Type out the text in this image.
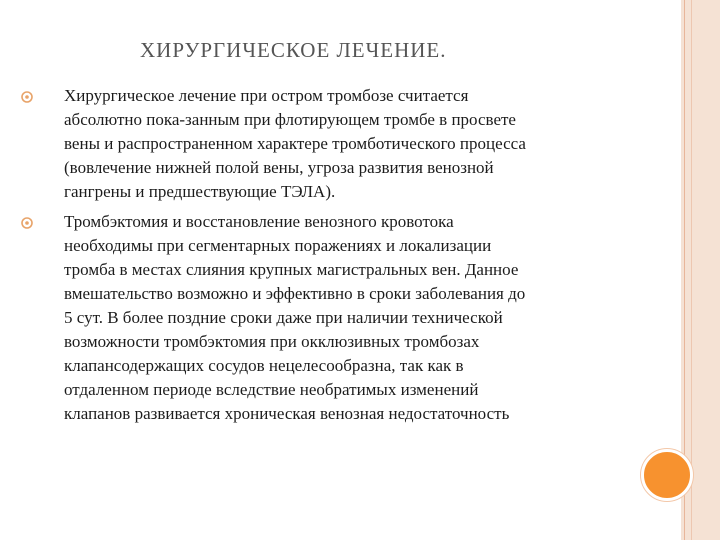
ХИРУРГИЧЕСКОЕ ЛЕЧЕНИЕ.
Хирургическое лечение при остром тромбозе считается
абсолютно пока-занным при флотирующем тромбе в просвете
вены и распространенном характере тромботического процесса
(вовлечение нижней полой вены, угроза развития венозной
гангрены и предшествующие ТЭЛА).
Тромбэктомия и восстановление венозного кровотока
необходимы при сегментарных поражениях и локализации
тромба в местах слияния крупных магистральных вен. Данное
вмешательство возможно и эффективно в сроки заболевания до
5 сут. В более поздние сроки даже при наличии технической
возможности тромбэктомия при окклюзивных тромбозах
клапансодержащих сосудов нецелесообразна, так как в
отдаленном периоде вследствие необратимых изменений
клапанов развивается хроническая венозная недостаточность
